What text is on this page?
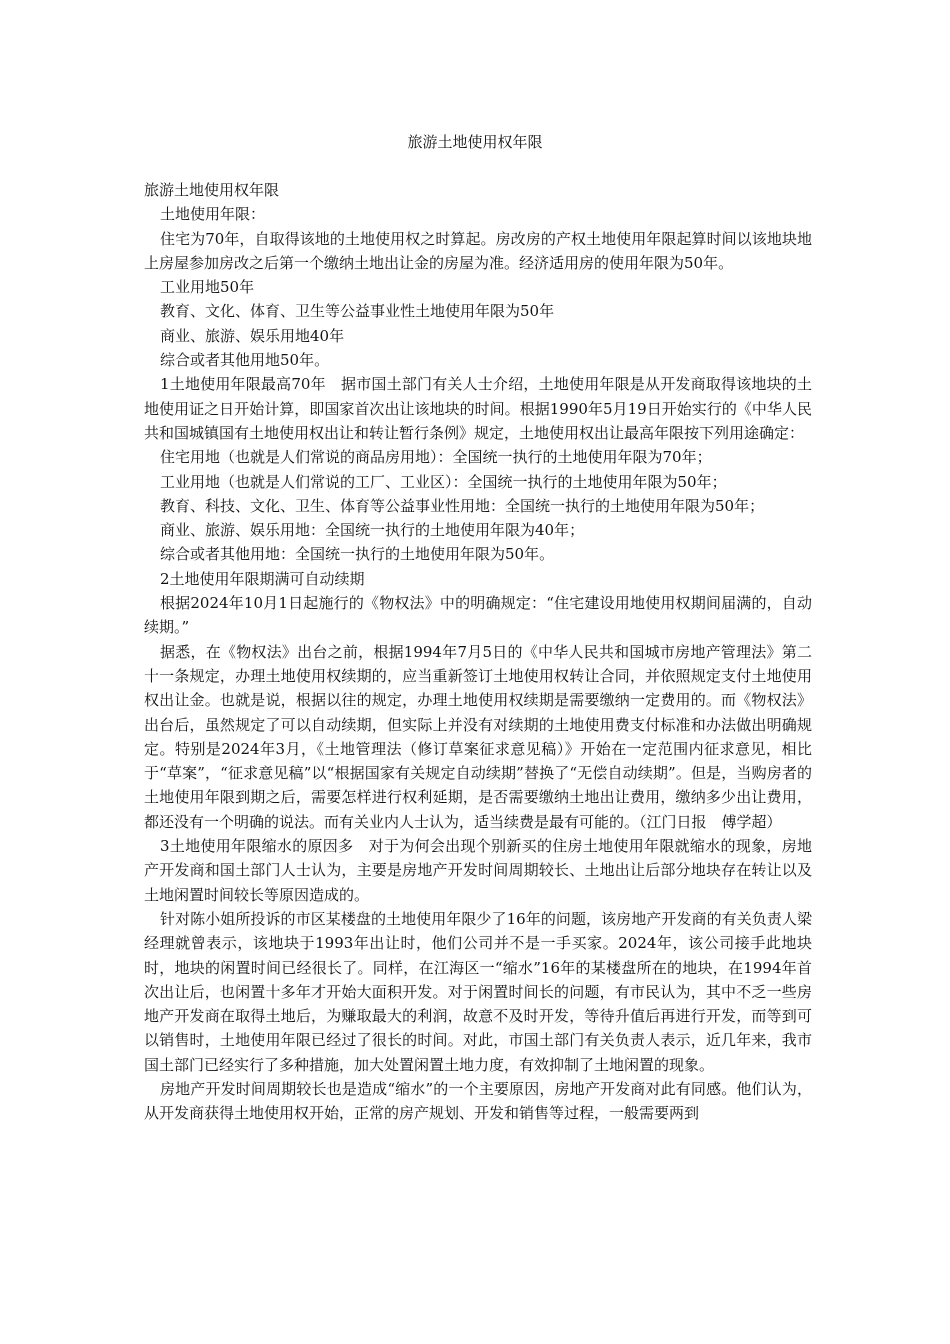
旅游土地使用权年限

旅游土地使用权年限

土地使用年限：

住宅为70年，自取得该地的土地使用权之时算起。房改房的产权土地使用年限起算时间以该地块地上房屋参加房改之后第一个缴纳土地出让金的房屋为准。经济适用房的使用年限为50年。

工业用地50年

教育、文化、体育、卫生等公益事业性土地使用年限为50年

商业、旅游、娱乐用地40年

综合或者其他用地50年。

1土地使用年限最高70年　据市国土部门有关人士介绍，土地使用年限是从开发商取得该地块的土地使用证之日开始计算，即国家首次出让该地块的时间。根据1990年5月19日开始实行的《中华人民共和国城镇国有土地使用权出让和转让暂行条例》规定，土地使用权出让最高年限按下列用途确定：

住宅用地（也就是人们常说的商品房用地）：全国统一执行的土地使用年限为70年；

工业用地（也就是人们常说的工厂、工业区）：全国统一执行的土地使用年限为50年；

教育、科技、文化、卫生、体育等公益事业性用地：全国统一执行的土地使用年限为50年；

商业、旅游、娱乐用地：全国统一执行的土地使用年限为40年；

综合或者其他用地：全国统一执行的土地使用年限为50年。

2土地使用年限期满可自动续期

根据2024年10月1日起施行的《物权法》中的明确规定：“住宅建设用地使用权期间届满的，自动续期。”

据悉，在《物权法》出台之前，根据1994年7月5日的《中华人民共和国城市房地产管理法》第二十一条规定，办理土地使用权续期的，应当重新签订土地使用权转让合同，并依照规定支付土地使用权出让金。也就是说，根据以往的规定，办理土地使用权续期是需要缴纳一定费用的。而《物权法》出台后，虽然规定了可以自动续期，但实际上并没有对续期的土地使用费支付标准和办法做出明确规定。特别是2024年3月，《土地管理法（修订草案征求意见稿）》开始在一定范围内征求意见，相比于“草案”，“征求意见稿”以“根据国家有关规定自动续期”替换了“无偿自动续期”。但是，当购房者的土地使用年限到期之后，需要怎样进行权利延期，是否需要缴纳土地出让费用，缴纳多少出让费用，都还没有一个明确的说法。而有关业内人士认为，适当续费是最有可能的。（江门日报　傅学超）

3土地使用年限缩水的原因多　对于为何会出现个别新买的住房土地使用年限就缩水的现象，房地产开发商和国土部门人士认为，主要是房地产开发时间周期较长、土地出让后部分地块存在转让以及土地闲置时间较长等原因造成的。

针对陈小姐所投诉的市区某楼盘的土地使用年限少了16年的问题，该房地产开发商的有关负责人梁经理就曾表示，该地块于1993年出让时，他们公司并不是一手买家。2024年，该公司接手此地块时，地块的闲置时间已经很长了。同样，在江海区一“缩水”16年的某楼盘所在的地块，在1994年首次出让后，也闲置十多年才开始大面积开发。对于闲置时间长的问题，有市民认为，其中不乏一些房地产开发商在取得土地后，为赚取最大的利润，故意不及时开发，等待升值后再进行开发，而等到可以销售时，土地使用年限已经过了很长的时间。对此，市国土部门有关负责人表示，近几年来，我市国土部门已经实行了多种措施，加大处置闲置土地力度，有效抑制了土地闲置的现象。

房地产开发时间周期较长也是造成“缩水”的一个主要原因，房地产开发商对此有同感。他们认为，从开发商获得土地使用权开始，正常的房产规划、开发和销售等过程，一般需要两到
